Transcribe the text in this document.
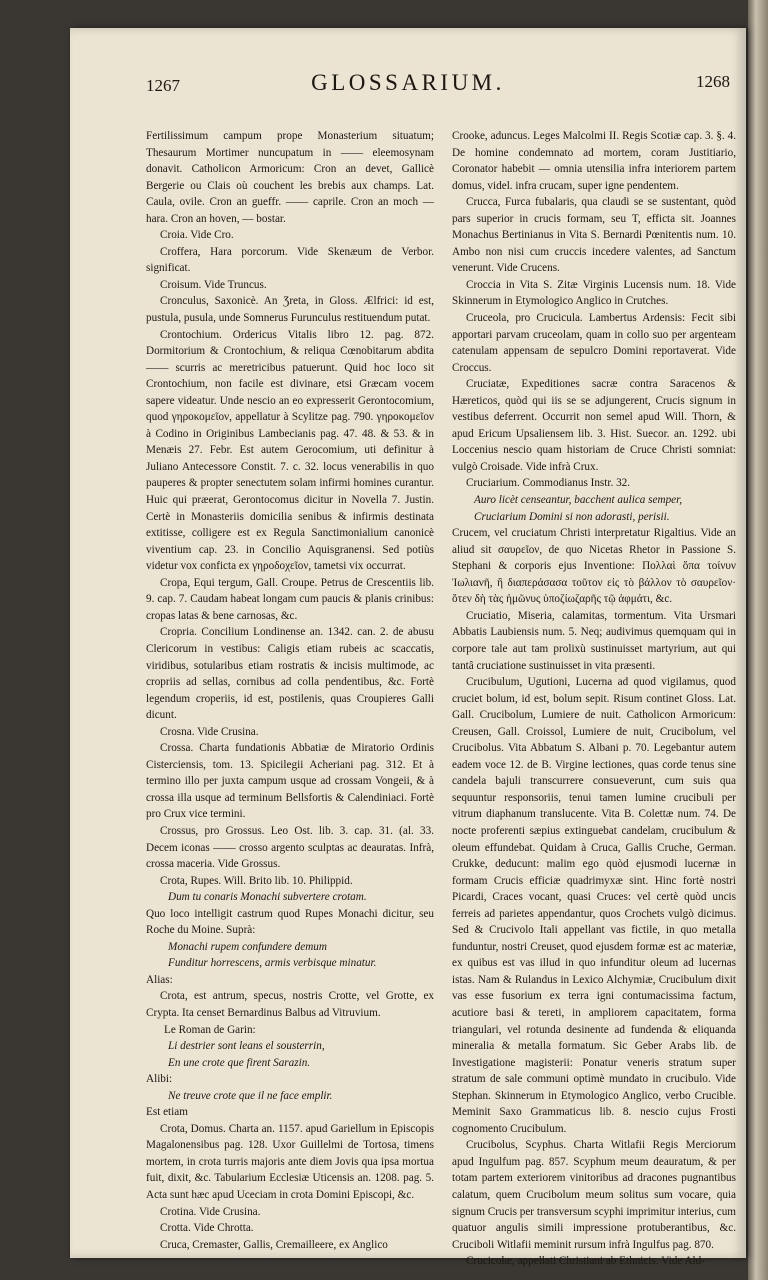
1267	GLOSSARIUM.	1268

Fertilissimum campum prope Monasterium situatum; Thesaurum Mortimer nuncupatum in —— eleemosynam donavit. Catholicon Armoricum: Cron an devet, Gallicè Bergerie ou Clais où couchent les brebis aux champs. Lat. Caula, ovile. Cron an gueffr. —— caprile. Cron an moch — hara. Cron an hoven, — bostar.

Croia. Vide Cro.

Croffera, Hara porcorum. Vide Skenæum de Verbor. significat.

Croisum. Vide Truncus.

Cronculus, Saxonicè. An Ʒreta, in Gloss. Ælfrici: id est, pustula, pusula, unde Somnerus Furunculus restituendum putat.

Crontochium. Ordericus Vitalis libro 12. pag. 872. Dormitorium & Crontochium, & reliqua Cœnobitarum abdita —— scurris ac meretricibus patuerunt. Quid hoc loco sit Crontochium, non facile est divinare, etsi Græcam vocem sapere videatur. Unde nescio an eo expresserit Gerontocomium, quod γηροκομεῖον, appellatur à Scylitze pag. 790. γηροκομεῖον à Codino in Originibus Lambecianis pag. 47. 48. & 53. & in Menæis 27. Febr. Est autem Gerocomium, uti definitur à Juliano Antecessore Constit. 7. c. 32. locus venerabilis in quo pauperes & propter senectutem solam infirmi homines curantur. Huic qui præerat, Gerontocomus dicitur in Novella 7. Justin. Certè in Monasteriis domicilia senibus & infirmis destinata extitisse, colligere est ex Regula Sanctimonialium canonicè viventium cap. 23. in Concilio Aquisgranensi. Sed potiùs videtur vox conficta ex γηροδοχεῖον, tametsi vix occurrat.

Cropa, Equi tergum, Gall. Croupe. Petrus de Crescentiis lib. 9. cap. 7. Caudam habeat longam cum paucis & planis crinibus: cropas latas & bene carnosas, &c.

Cropria. Concilium Londinense an. 1342. can. 2. de abusu Clericorum in vestibus: Caligis etiam rubeis ac scaccatis, viridibus, sotularibus etiam rostratis & incisis multimode, ac cropriis ad sellas, cornibus ad colla pendentibus, &c. Fortè legendum croperiis, id est, postilenis, quas Croupieres Galli dicunt.

Crosna. Vide Crusina.

Crossa. Charta fundationis Abbatiæ de Miratorio Ordinis Cisterciensis, tom. 13. Spicilegii Acheriani pag. 312. Et à termino illo per juxta campum usque ad crossam Vongeii, & à crossa illa usque ad terminum Bellsfortis & Calendiniaci. Fortè pro Crux vice termini.

Crossus, pro Grossus. Leo Ost. lib. 3. cap. 31. (al. 33. Decem iconas —— crosso argento sculptas ac deauratas. Infrà, crossa maceria. Vide Grossus.

Crota, Rupes. Will. Brito lib. 10. Philippid.

Dum tu conaris Monachi subvertere crotam.

Quo loco intelligit castrum quod Rupes Monachi dicitur, seu Roche du Moine. Suprà:

Monachi rupem confundere demum

Funditur horrescens, armis verbisque minatur.

Alias:

Crota, est antrum, specus, nostris Crotte, vel Grotte, ex Crypta. Ita censet Bernardinus Balbus ad Vitruvium.

Le Roman de Garin:

Li destrier sont leans el sousterrin,

En une crote que firent Sarazin.

Alibi:

Ne treuve crote que il ne face emplir.

Est etiam

Crota, Domus. Charta an. 1157. apud Gariellum in Episcopis Magalonensibus pag. 128. Uxor Guillelmi de Tortosa, timens mortem, in crota turris majoris ante diem Jovis qua ipsa mortua fuit, dixit, &c. Tabularium Ecclesiæ Uticensis an. 1208. pag. 5. Acta sunt hæc apud Uceciam in crota Domini Episcopi, &c.

Crotina. Vide Crusina.

Crotta. Vide Chrotta.

Cruca, Cremaster, Gallis, Cremailleere, ex Anglico

Crooke, aduncus. Leges Malcolmi II. Regis Scotiæ cap. 3. §. 4. De homine condemnato ad mortem, coram Justitiario, Coronator habebit — omnia utensilia infra interiorem partem domus, videl. infra crucam, super igne pendentem.

Crucca, Furca fubalaris, qua claudi se se sustentant, quòd pars superior in crucis formam, seu T, efficta sit. Joannes Monachus Bertinianus in Vita S. Bernardi Pœnitentis num. 10. Ambo non nisi cum cruccis incedere valentes, ad Sanctum venerunt. Vide Crucens.

Croccia in Vita S. Zitæ Virginis Lucensis num. 18. Vide Skinnerum in Etymologico Anglico in Crutches.

Cruceola, pro Crucicula. Lambertus Ardensis: Fecit sibi apportari parvam cruceolam, quam in collo suo per argenteam catenulam appensam de sepulcro Domini reportaverat. Vide Croccus.

Cruciatæ, Expeditiones sacræ contra Saracenos & Hæreticos, quòd qui iis se se adjungerent, Crucis signum in vestibus deferrent. Occurrit non semel apud Will. Thorn, & apud Ericum Upsaliensem lib. 3. Hist. Suecor. an. 1292. ubi Loccenius nescio quam historiam de Cruce Christi somniat: vulgò Croisade. Vide infrà Crux.

Cruciarium. Commodianus Instr. 32.

Auro licèt censeantur, bacchent aulica semper,

Cruciarium Domini si non adorasti, perisii.

Crucem, vel cruciatum Christi interpretatur Rigaltius. Vide an aliud sit σαυρεῖον, de quo Nicetas Rhetor in Passione S. Stephani & corporis ejus Inventione: Πολλαὶ ὅπα τοίνυν Ἰωλιανῆ, ἢ διαπεράσασα τοῦτον εἰς τὸ βάλλον τὸ σαυρεῖον· ὅτεν δὴ τὰς ἡμῶνυς ὑποζίωζαρῆς τῷ ἀφμάτι, &c.

Cruciatio, Miseria, calamitas, tormentum. Vita Ursmari Abbatis Laubiensis num. 5. Neq; audivimus quemquam qui in corpore tale aut tam prolixù sustinuisset martyrium, aut qui tantâ cruciatione sustinuisset in vita præsenti.

Crucibulum, Ugutioni, Lucerna ad quod vigilamus, quod cruciet bolum, id est, bolum sepit. Risum continet Gloss. Lat. Gall. Crucibolum, Lumiere de nuit. Catholicon Armoricum: Creusen, Gall. Croissol, Lumiere de nuit, Crucibolum, vel Crucibolus. Vita Abbatum S. Albani p. 70. Legebantur autem eadem voce 12. de B. Virgine lectiones, quas corde tenus sine candela bajuli transcurrere consueverunt, cum suis qua sequuntur responsoriis, tenui tamen lumine crucibuli per vitrum diaphanum translucente. Vita B. Colettæ num. 74. De nocte proferenti sæpius extinguebat candelam, crucibulum & oleum effundebat. Quidam à Cruca, Gallis Cruche, German. Crukke, deducunt: malim ego quòd ejusmodi lucernæ in formam Crucis efficiæ quadrimyxæ sint. Hinc fortè nostri Picardi, Craces vocant, quasi Cruces: vel certè quòd uncis ferreis ad parietes appendantur, quos Crochets vulgò dicimus. Sed & Crucivolo Itali appellant vas fictile, in quo metalla funduntur, nostri Creuset, quod ejusdem formæ est ac materiæ, ex quibus est vas illud in quo infunditur oleum ad lucernas istas. Nam & Rulandus in Lexico Alchymiæ, Crucibulum dixit vas esse fusorium ex terra igni contumacissima factum, acutiore basi & tereti, in ampliorem capacitatem, forma triangulari, vel rotunda desinente ad fundenda & eliquanda mineralia & metalla formatum. Sic Geber Arabs lib. de Investigatione magisterii: Ponatur veneris stratum super stratum de sale communi optimè mundato in crucibulo. Vide Stephan. Skinnerum in Etymologico Anglico, verbo Crucible. Meminit Saxo Grammaticus lib. 8. nescio cujus Frosti cognomento Crucibulum.

Crucibolus, Scyphus. Charta Witlafii Regis Merciorum apud Ingulfum pag. 857. Scyphum meum deauratum, & per totam partem exteriorem vinitoribus ad dracones pugnantibus calatum, quem Crucibolum meum solitus sum vocare, quia signum Crucis per transversum scyphi imprimitur interius, cum quatuor angulis simili impressione protuberantibus, &c. Cruciboli Witlafii meminit rursum infrà Ingulfus pag. 870.

Crucicolæ, appellati Christiani ab Ethnicis. Vide Ald-
